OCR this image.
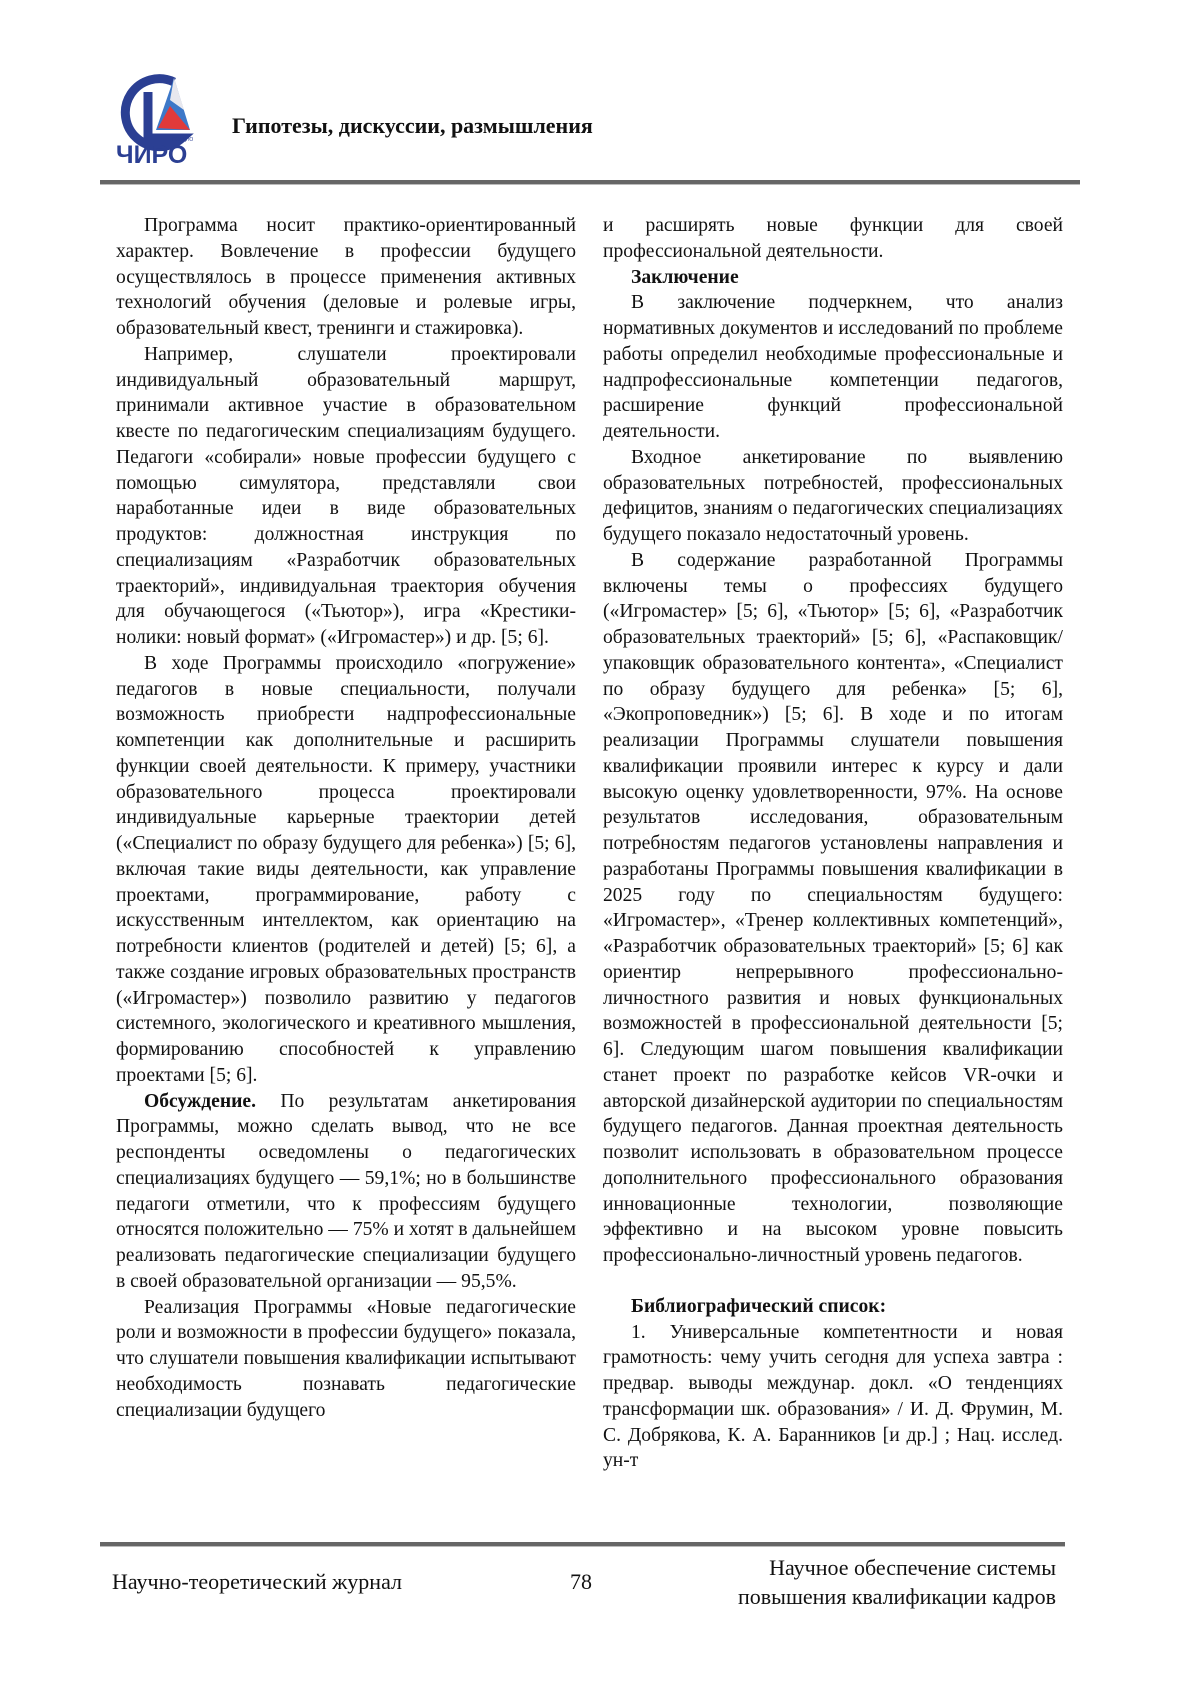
ГБУ ДПО
ЧИРО
Гипотезы, дискуссии, размышления

Программа носит практико-ориентированный характер. Вовлечение в профессии будущего осуществлялось в процессе применения активных технологий обучения (деловые и ролевые игры, образовательный квест, тренинги и стажировка).

Например, слушатели проектировали индивидуальный образовательный маршрут, принимали активное участие в образовательном квесте по педагогическим специализациям будущего. Педагоги «собирали» новые профессии будущего с помощью симулятора, представляли свои наработанные идеи в виде образовательных продуктов: должностная инструкция по специализациям «Разработчик образовательных траекторий», индивидуальная траектория обучения для обучающегося («Тьютор»), игра «Крестики-нолики: новый формат» («Игромастер») и др. [5; 6].

В ходе Программы происходило «погружение» педагогов в новые специальности, получали возможность приобрести надпрофессиональные компетенции как дополнительные и расширить функции своей деятельности. К примеру, участники образовательного процесса проектировали индивидуальные карьерные траектории детей («Специалист по образу будущего для ребенка») [5; 6], включая такие виды деятельности, как управление проектами, программирование, работу с искусственным интеллектом, как ориентацию на потребности клиентов (родителей и детей) [5; 6], а также создание игровых образовательных пространств («Игромастер») позволило развитию у педагогов системного, экологического и креативного мышления, формированию способностей к управлению проектами [5; 6].

Обсуждение. По результатам анкетирования Программы, можно сделать вывод, что не все респонденты осведомлены о педагогических специализациях будущего — 59,1%; но в большинстве педагоги отметили, что к профессиям будущего относятся положительно — 75% и хотят в дальнейшем реализовать педагогические специализации будущего в своей образовательной организации — 95,5%.

Реализация Программы «Новые педагогические роли и возможности в профессии будущего» показала, что слушатели повышения квалификации испытывают необходимость познавать педагогические специализации будущего

и расширять новые функции для своей профессиональной деятельности.

Заключение

В заключение подчеркнем, что анализ нормативных документов и исследований по проблеме работы определил необходимые профессиональные и надпрофессиональные компетенции педагогов, расширение функций профессиональной деятельности.

Входное анкетирование по выявлению образовательных потребностей, профессиональных дефицитов, знаниям о педагогических специализациях будущего показало недостаточный уровень.

В содержание разработанной Программы включены темы о профессиях будущего («Игромастер» [5; 6], «Тьютор» [5; 6], «Разработчик образовательных траекторий» [5; 6], «Распаковщик/упаковщик образовательного контента», «Специалист по образу будущего для ребенка» [5; 6], «Экопроповедник») [5; 6]. В ходе и по итогам реализации Программы слушатели повышения квалификации проявили интерес к курсу и дали высокую оценку удовлетворенности, 97%. На основе результатов исследования, образовательным потребностям педагогов установлены направления и разработаны Программы повышения квалификации в 2025 году по специальностям будущего: «Игромастер», «Тренер коллективных компетенций», «Разработчик образовательных траекторий» [5; 6] как ориентир непрерывного профессионально-личностного развития и новых функциональных возможностей в профессиональной деятельности [5; 6]. Следующим шагом повышения квалификации станет проект по разработке кейсов VR-очки и авторской дизайнерской аудитории по специальностям будущего педагогов. Данная проектная деятельность позволит использовать в образовательном процессе дополнительного профессионального образования инновационные технологии, позволяющие эффективно и на высоком уровне повысить профессионально-личностный уровень педагогов.

Библиографический список:

1. Универсальные компетентности и новая грамотность: чему учить сегодня для успеха завтра : предвар. выводы междунар. докл. «О тенденциях трансформации шк. образования» / И. Д. Фрумин, М. С. Добрякова, К. А. Баранников [и др.] ; Нац. исслед. ун-т

Научно-теоретический журнал	78
Научное обеспечение системы
повышения квалификации кадров
